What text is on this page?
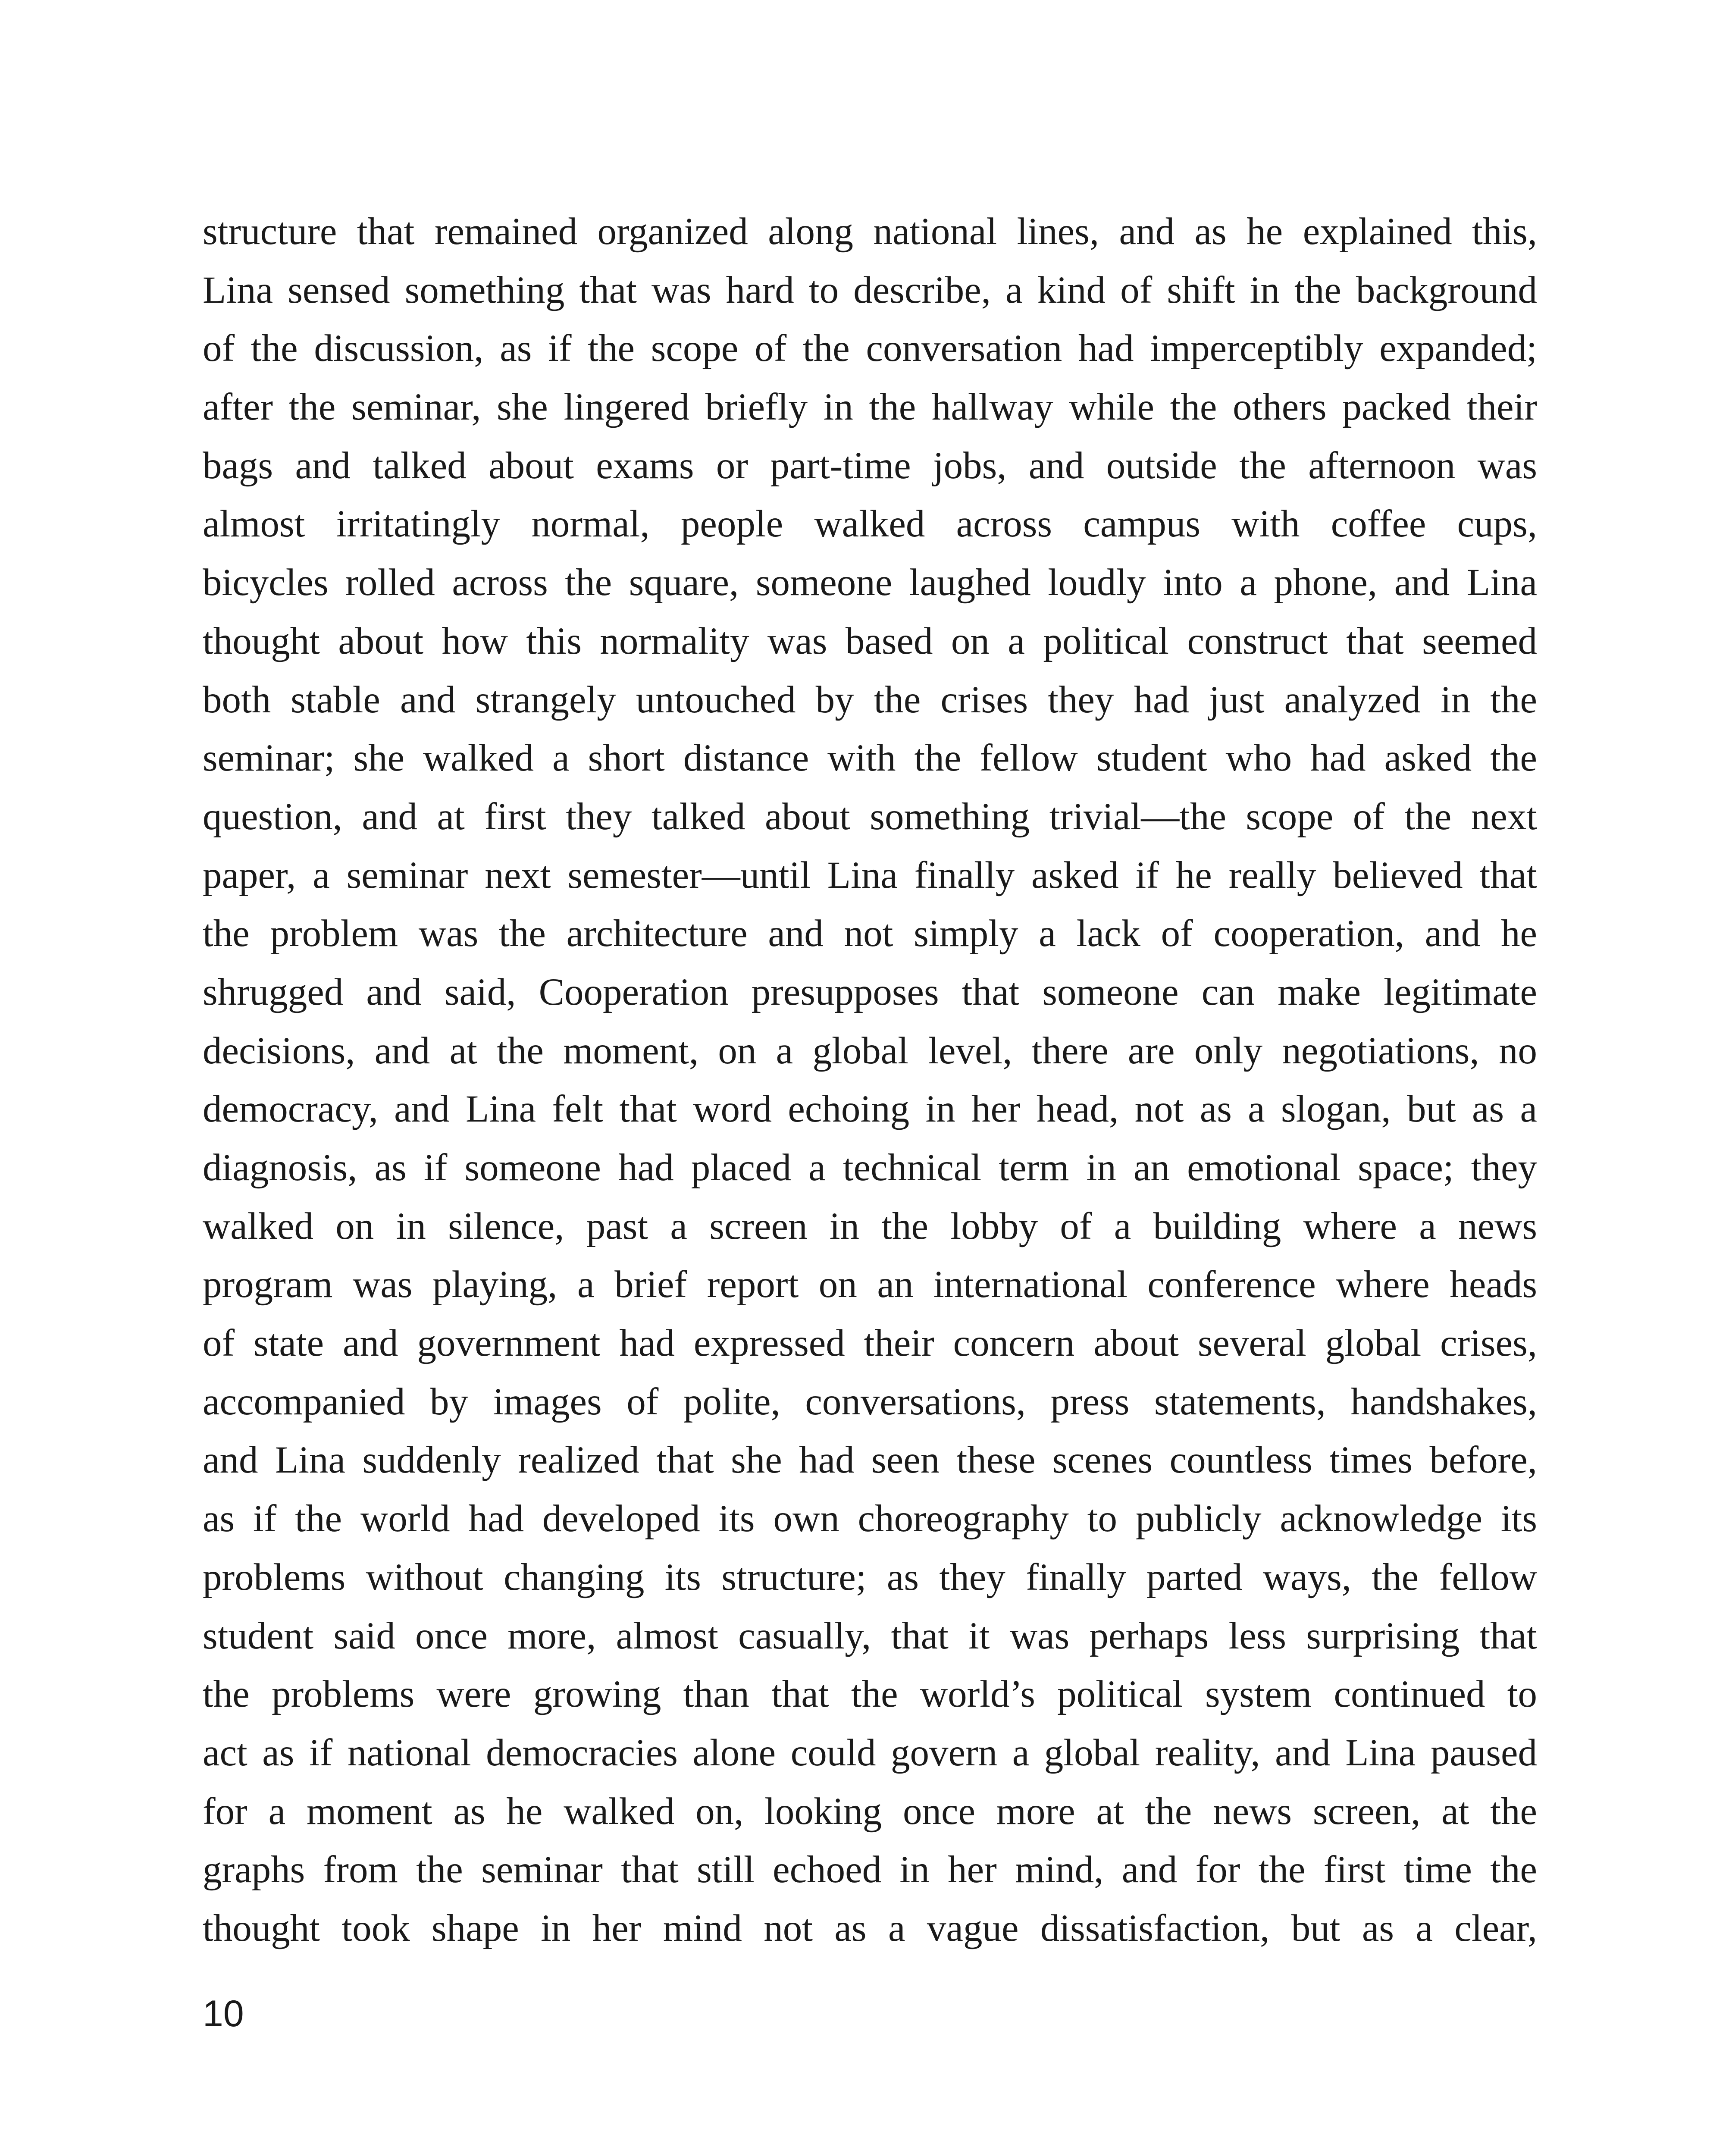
structure that remained organized along national lines, and as he explained this,
Lina sensed something that was hard to describe, a kind of shift in the background
of the discussion, as if the scope of the conversation had imperceptibly expanded;
after the seminar, she lingered briefly in the hallway while the others packed their
bags and talked about exams or part-time jobs, and outside the afternoon was
almost irritatingly normal, people walked across campus with coffee cups,
bicycles rolled across the square, someone laughed loudly into a phone, and Lina
thought about how this normality was based on a political construct that seemed
both stable and strangely untouched by the crises they had just analyzed in the
seminar; she walked a short distance with the fellow student who had asked the
question, and at first they talked about something trivial—the scope of the next
paper, a seminar next semester—until Lina finally asked if he really believed that
the problem was the architecture and not simply a lack of cooperation, and he
shrugged and said, Cooperation presupposes that someone can make legitimate
decisions, and at the moment, on a global level, there are only negotiations, no
democracy, and Lina felt that word echoing in her head, not as a slogan, but as a
diagnosis, as if someone had placed a technical term in an emotional space; they
walked on in silence, past a screen in the lobby of a building where a news
program was playing, a brief report on an international conference where heads
of state and government had expressed their concern about several global crises,
accompanied by images of polite, conversations, press statements, handshakes,
and Lina suddenly realized that she had seen these scenes countless times before,
as if the world had developed its own choreography to publicly acknowledge its
problems without changing its structure; as they finally parted ways, the fellow
student said once more, almost casually, that it was perhaps less surprising that
the problems were growing than that the world’s political system continued to
act as if national democracies alone could govern a global reality, and Lina paused
for a moment as he walked on, looking once more at the news screen, at the
graphs from the seminar that still echoed in her mind, and for the first time the
thought took shape in her mind not as a vague dissatisfaction, but as a clear,
10
